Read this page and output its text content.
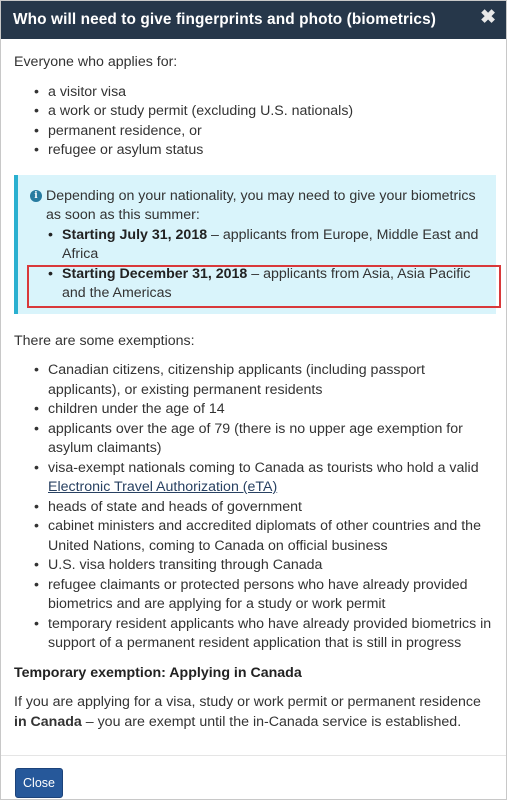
Who will need to give fingerprints and photo (biometrics) ✖

Everyone who applies for:

• a visitor visa
• a work or study permit (excluding U.S. nationals)
• permanent residence, or
• refugee or asylum status
i Depending on your nationality, you may need to give your biometrics as soon as this summer:
• Starting July 31, 2018 – applicants from Europe, Middle East and Africa
• Starting December 31, 2018 – applicants from Asia, Asia Pacific and the Americas

There are some exemptions:

• Canadian citizens, citizenship applicants (including passport applicants), or existing permanent residents
• children under the age of 14
• applicants over the age of 79 (there is no upper age exemption for asylum claimants)
• visa-exempt nationals coming to Canada as tourists who hold a valid Electronic Travel Authorization (eTA)
• heads of state and heads of government
• cabinet ministers and accredited diplomats of other countries and the United Nations, coming to Canada on official business
• U.S. visa holders transiting through Canada
• refugee claimants or protected persons who have already provided biometrics and are applying for a study or work permit
• temporary resident applicants who have already provided biometrics in support of a permanent resident application that is still in progress

Temporary exemption: Applying in Canada

If you are applying for a visa, study or work permit or permanent residence in Canada – you are exempt until the in-Canada service is established.

Close
